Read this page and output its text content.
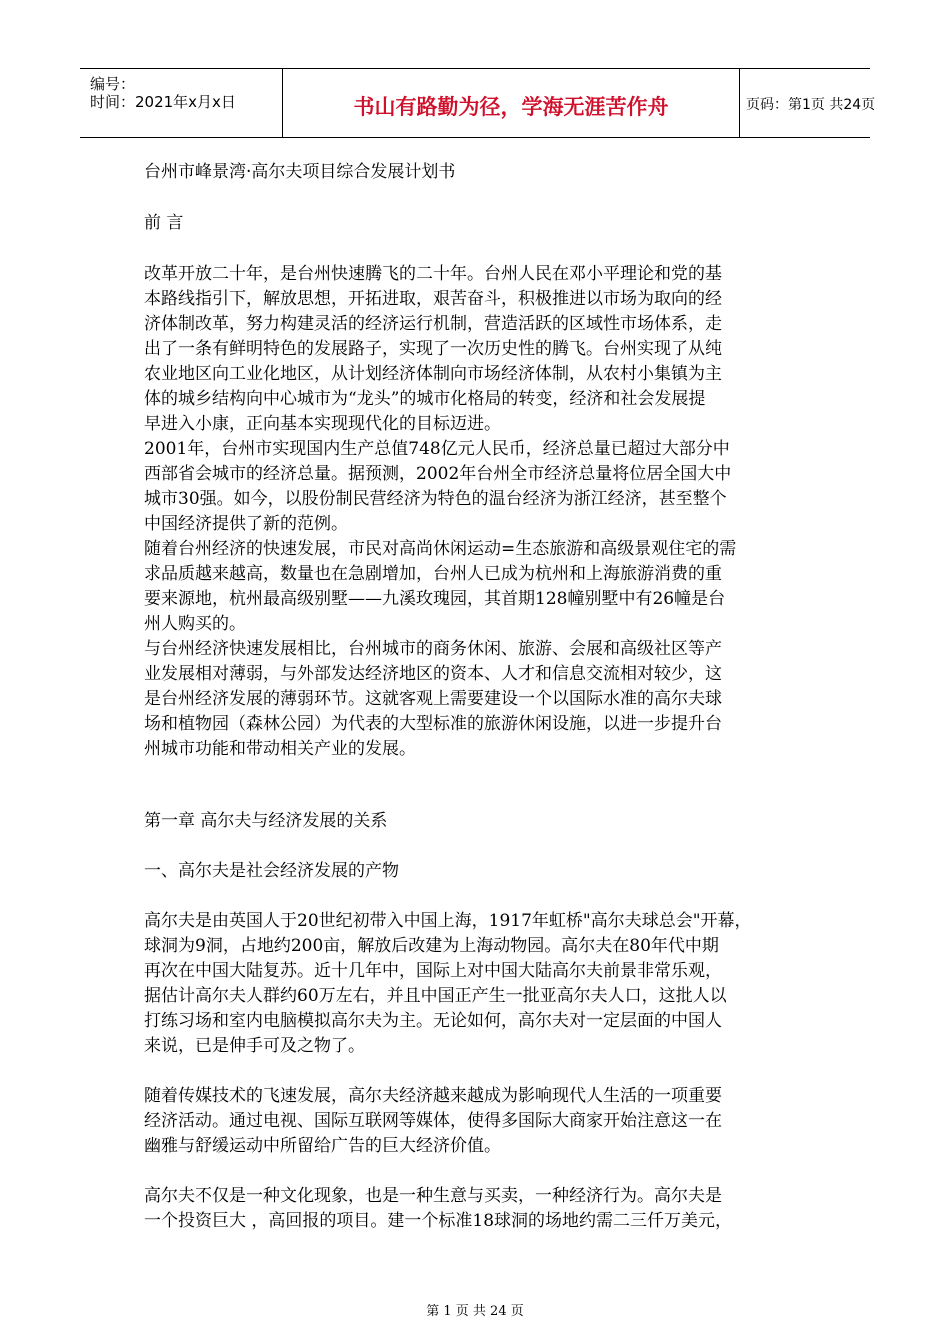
编号：
时间：2021年x月x日	书山有路勤为径，学海无涯苦作舟	页码：第1页 共24页
台州市峰景湾·高尔夫项目综合发展计划书
前 言
改革开放二十年，是台州快速腾飞的二十年。台州人民在邓小平理论和党的基
本路线指引下，解放思想，开拓进取，艰苦奋斗，积极推进以市场为取向的经
济体制改革，努力构建灵活的经济运行机制，营造活跃的区域性市场体系，走
出了一条有鲜明特色的发展路子，实现了一次历史性的腾飞。台州实现了从纯
农业地区向工业化地区，从计划经济体制向市场经济体制，从农村小集镇为主
体的城乡结构向中心城市为“龙头”的城市化格局的转变，经济和社会发展提
早进入小康，正向基本实现现代化的目标迈进。
2001年，台州市实现国内生产总值748亿元人民币，经济总量已超过大部分中
西部省会城市的经济总量。据预测，2002年台州全市经济总量将位居全国大中
城市30强。如今，以股份制民营经济为特色的温台经济为浙江经济，甚至整个
中国经济提供了新的范例。
随着台州经济的快速发展，市民对高尚休闲运动=生态旅游和高级景观住宅的需
求品质越来越高，数量也在急剧增加，台州人已成为杭州和上海旅游消费的重
要来源地，杭州最高级别墅——九溪玫瑰园，其首期128幢别墅中有26幢是台
州人购买的。
与台州经济快速发展相比，台州城市的商务休闲、旅游、会展和高级社区等产
业发展相对薄弱，与外部发达经济地区的资本、人才和信息交流相对较少，这
是台州经济发展的薄弱环节。这就客观上需要建设一个以国际水准的高尔夫球
场和植物园（森林公园）为代表的大型标准的旅游休闲设施，以进一步提升台
州城市功能和带动相关产业的发展。
第一章 高尔夫与经济发展的关系
一、高尔夫是社会经济发展的产物
高尔夫是由英国人于20世纪初带入中国上海，1917年虹桥"高尔夫球总会"开幕，
球洞为9洞，占地约200亩，解放后改建为上海动物园。高尔夫在80年代中期
再次在中国大陆复苏。近十几年中，国际上对中国大陆高尔夫前景非常乐观，
据估计高尔夫人群约60万左右，并且中国正产生一批亚高尔夫人口，这批人以
打练习场和室内电脑模拟高尔夫为主。无论如何，高尔夫对一定层面的中国人
来说，已是伸手可及之物了。
随着传媒技术的飞速发展，高尔夫经济越来越成为影响现代人生活的一项重要
经济活动。通过电视、国际互联网等媒体，使得多国际大商家开始注意这一在
幽雅与舒缓运动中所留给广告的巨大经济价值。
高尔夫不仅是一种文化现象，也是一种生意与买卖，一种经济行为。高尔夫是
一个投资巨大 ，高回报的项目。建一个标准18球洞的场地约需二三仟万美元，
第 1 页 共 24 页
